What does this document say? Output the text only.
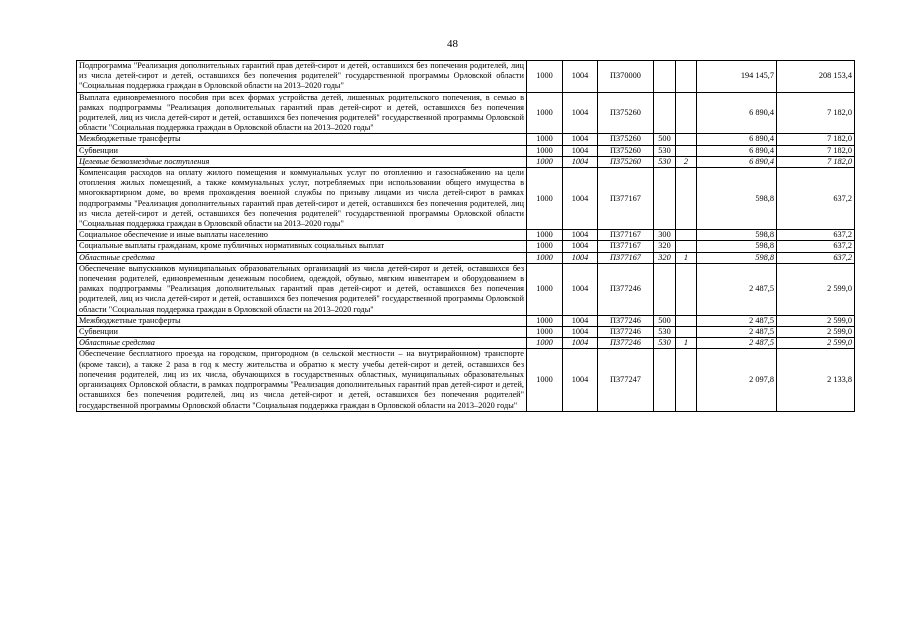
48
Подпрограмма "Реализация дополнительных гарантий прав детей-сирот и детей, оставшихся без попечения родителей, лиц из числа детей-сирот и детей, оставшихся без попечения родителей" государственной программы Орловской области "Социальная поддержка граждан в Орловской области на 2013–2020 годы"	1000	1004	П370000			194 145,7	208 153,4
Выплата единовременного пособия при всех формах устройства детей, лишенных родительского попечения, в семью в рамках подпрограммы "Реализация дополнительных гарантий прав детей-сирот и детей, оставшихся без попечения родителей, лиц из числа детей-сирот и детей, оставшихся без попечения родителей" государственной программы Орловской области "Социальная поддержка граждан в Орловской области на 2013–2020 годы"	1000	1004	П375260			6 890,4	7 182,0
Межбюджетные трансферты	1000	1004	П375260	500		6 890,4	7 182,0
Субвенции	1000	1004	П375260	530		6 890,4	7 182,0
Целевые безвозмездные поступления	1000	1004	П375260	530	2	6 890,4	7 182,0
Компенсация расходов на оплату жилого помещения и коммунальных услуг по отоплению и газоснабжению на цели отопления жилых помещений, а также коммунальных услуг, потребляемых при использовании общего имущества в многоквартирном доме, во время прохождения военной службы по призыву лицами из числа детей-сирот в рамках подпрограммы "Реализация дополнительных гарантий прав детей-сирот и детей, оставшихся без попечения родителей, лиц из числа детей-сирот и детей, оставшихся без попечения родителей" государственной программы Орловской области "Социальная поддержка граждан в Орловской области на 2013–2020 годы"	1000	1004	П377167			598,8	637,2
Социальное обеспечение и иные выплаты населению	1000	1004	П377167	300		598,8	637,2
Социальные выплаты гражданам, кроме публичных нормативных социальных выплат	1000	1004	П377167	320		598,8	637,2
Областные средства	1000	1004	П377167	320	1	598,8	637,2
Обеспечение выпускников муниципальных образовательных организаций из числа детей-сирот и детей, оставшихся без попечения родителей, единовременным денежным пособием, одеждой, обувью, мягким инвентарем и оборудованием в рамках подпрограммы "Реализация дополнительных гарантий прав детей-сирот и детей, оставшихся без попечения родителей, лиц из числа детей-сирот и детей, оставшихся без попечения родителей" государственной программы Орловской области "Социальная поддержка граждан в Орловской области на 2013–2020 годы"	1000	1004	П377246			2 487,5	2 599,0
Межбюджетные трансферты	1000	1004	П377246	500		2 487,5	2 599,0
Субвенции	1000	1004	П377246	530		2 487,5	2 599,0
Областные средства	1000	1004	П377246	530	1	2 487,5	2 599,0
Обеспечение бесплатного проезда на городском, пригородном (в сельской местности – на внутрирайонном) транспорте (кроме такси), а также 2 раза в год к месту жительства и обратно к месту учебы детей-сирот и детей, оставшихся без попечения родителей, лиц из их числа, обучающихся в государственных областных, муниципальных образовательных организациях Орловской области, в рамках подпрограммы "Реализация дополнительных гарантий прав детей-сирот и детей, оставшихся без попечения родителей, лиц из числа детей-сирот и детей, оставшихся без попечения родителей" государственной программы Орловской области "Социальная поддержка граждан в Орловской области на 2013–2020 годы"	1000	1004	П377247			2 097,8	2 133,8
